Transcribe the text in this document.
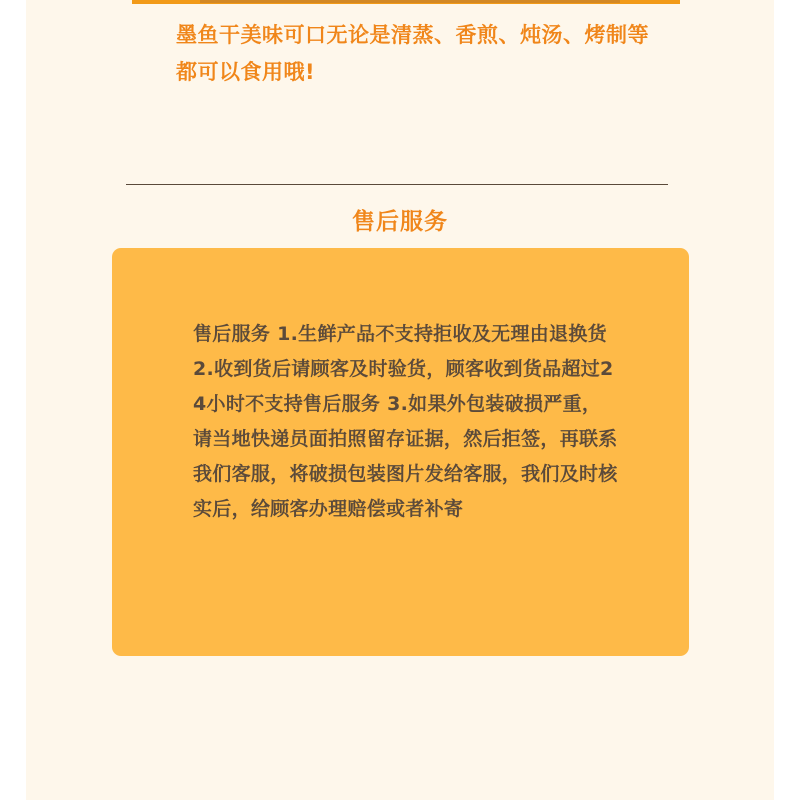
墨鱼干美味可口无论是清蒸、香煎、炖汤、烤制等都可以食用哦!
售后服务
售后服务 1.生鲜产品不支持拒收及无理由退换货 2.收到货后请顾客及时验货，顾客收到货品超过24小时不支持售后服务 3.如果外包装破损严重，请当地快递员面拍照留存证据，然后拒签，再联系我们客服，将破损包装图片发给客服，我们及时核实后，给顾客办理赔偿或者补寄
